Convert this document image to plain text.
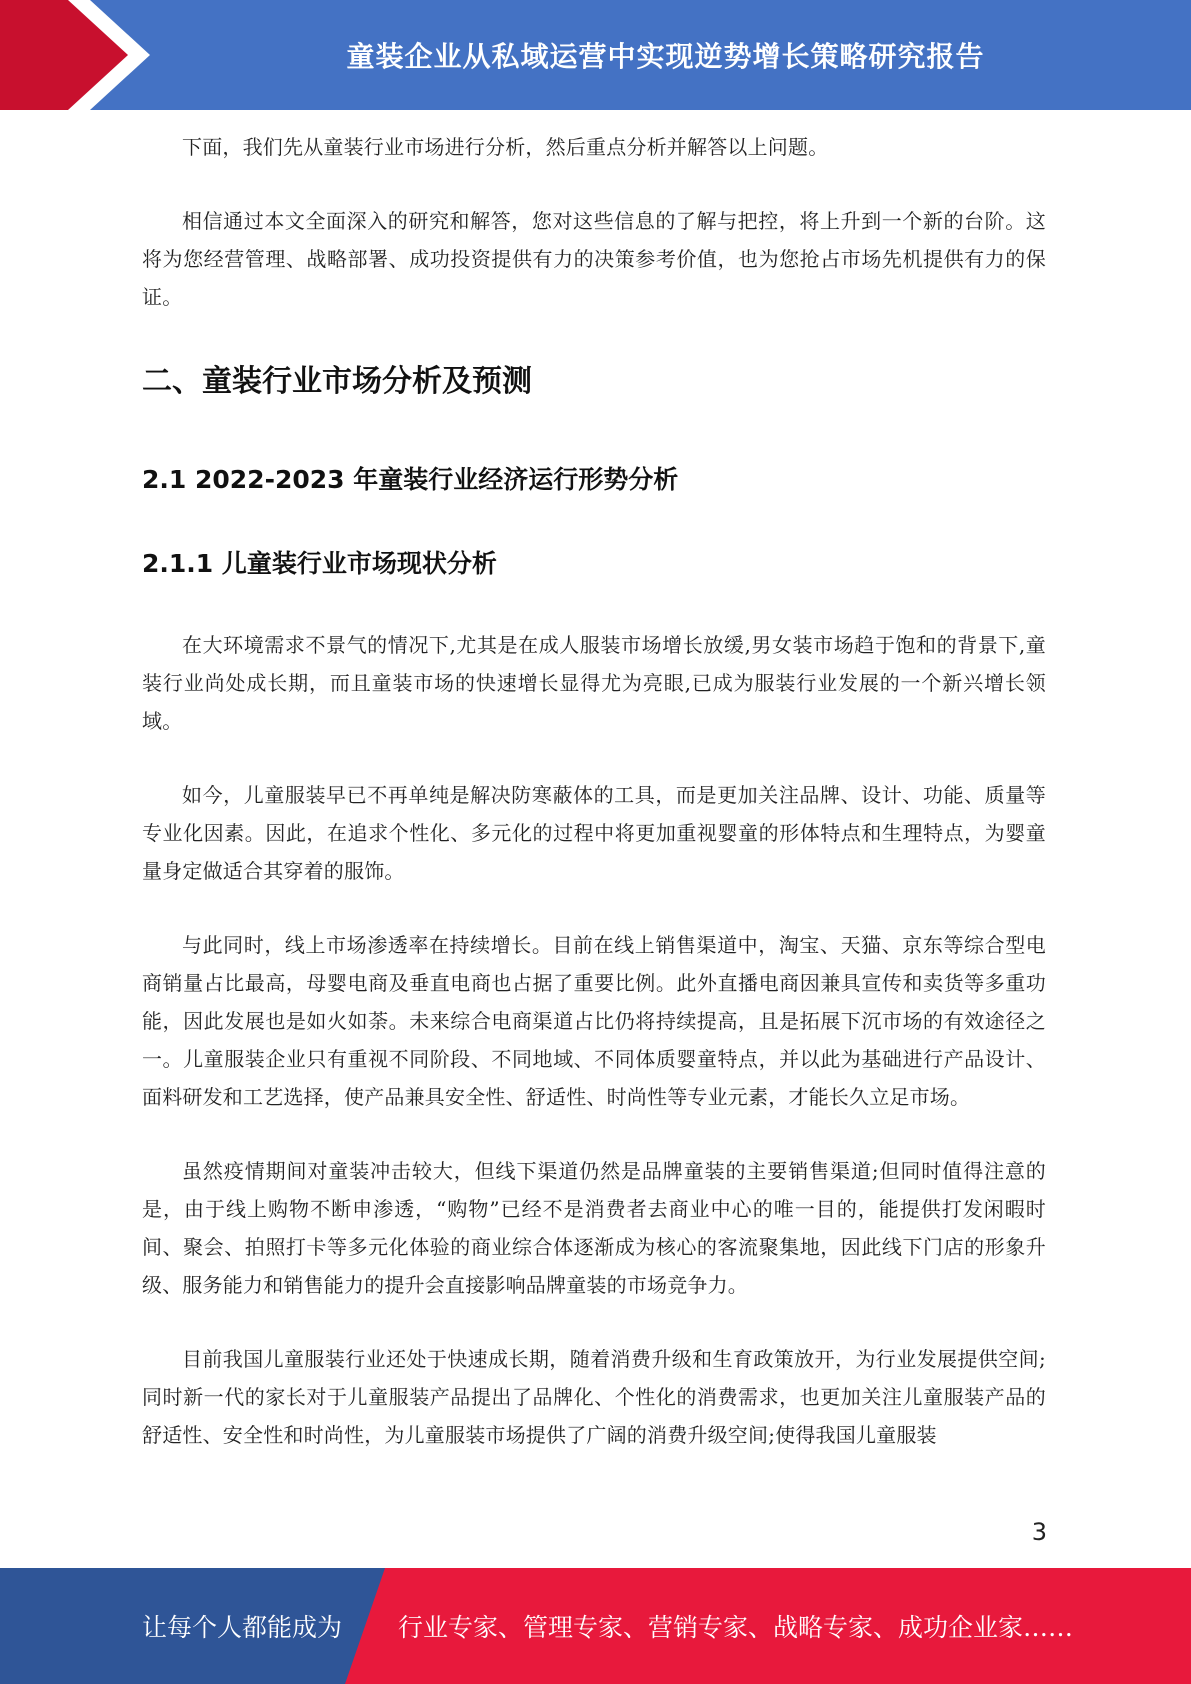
童装企业从私域运营中实现逆势增长策略研究报告

下面，我们先从童装行业市场进行分析，然后重点分析并解答以上问题。

相信通过本文全面深入的研究和解答，您对这些信息的了解与把控，将上升到一个新的台阶。这将为您经营管理、战略部署、成功投资提供有力的决策参考价值，也为您抢占市场先机提供有力的保证。

二、童装行业市场分析及预测
2.1 2022-2023 年童装行业经济运行形势分析
2.1.1 儿童装行业市场现状分析

在大环境需求不景气的情况下,尤其是在成人服装市场增长放缓,男女装市场趋于饱和的背景下,童装行业尚处成长期，而且童装市场的快速增长显得尤为亮眼,已成为服装行业发展的一个新兴增长领域。

如今，儿童服装早已不再单纯是解决防寒蔽体的工具，而是更加关注品牌、设计、功能、质量等专业化因素。因此，在追求个性化、多元化的过程中将更加重视婴童的形体特点和生理特点，为婴童量身定做适合其穿着的服饰。

与此同时，线上市场渗透率在持续增长。目前在线上销售渠道中，淘宝、天猫、京东等综合型电商销量占比最高，母婴电商及垂直电商也占据了重要比例。此外直播电商因兼具宣传和卖货等多重功能，因此发展也是如火如荼。未来综合电商渠道占比仍将持续提高，且是拓展下沉市场的有效途径之一。儿童服装企业只有重视不同阶段、不同地域、不同体质婴童特点，并以此为基础进行产品设计、面料研发和工艺选择，使产品兼具安全性、舒适性、时尚性等专业元素，才能长久立足市场。

虽然疫情期间对童装冲击较大，但线下渠道仍然是品牌童装的主要销售渠道;但同时值得注意的是，由于线上购物不断申渗透，“购物”已经不是消费者去商业中心的唯一目的，能提供打发闲暇时间、聚会、拍照打卡等多元化体验的商业综合体逐渐成为核心的客流聚集地，因此线下门店的形象升级、服务能力和销售能力的提升会直接影响品牌童装的市场竞争力。

目前我国儿童服装行业还处于快速成长期，随着消费升级和生育政策放开，为行业发展提供空间;同时新一代的家长对于儿童服装产品提出了品牌化、个性化的消费需求，也更加关注儿童服装产品的舒适性、安全性和时尚性，为儿童服装市场提供了广阔的消费升级空间;使得我国儿童服装

3
让每个人都能成为 行业专家、管理专家、营销专家、战略专家、成功企业家……
